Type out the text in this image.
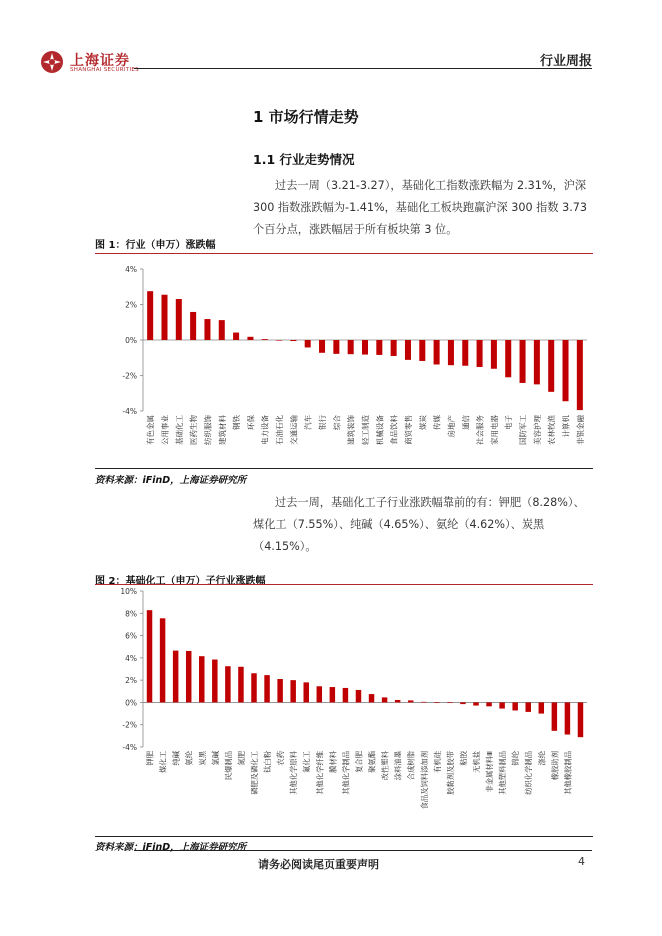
上海证券
SHANGHAI SECURITIES
行业周报
1 市场行情走势
1.1 行业走势情况
过去一周（3.21-3.27），基础化工指数涨跌幅为 2.31%，沪深 300 指数涨跌幅为-1.41%，基础化工板块跑赢沪深 300 指数 3.73 个百分点，涨跌幅居于所有板块第 3 位。
图 1：行业（申万）涨跌幅
4%
2%
0%
-2%
-4%
有色金属 公用事业 基础化工 医药生物 纺织服饰 建筑材料 钢铁 环保 电力设备 石油石化 交通运输 汽车 银行 综合 建筑装饰 轻工制造 机械设备 食品饮料 商贸零售 煤炭 传媒 房地产 通信 社会服务 家用电器 电子 国防军工 美容护理 农林牧渔 计算机 非银金融
资料来源：iFinD，上海证券研究所
过去一周，基础化工子行业涨跌幅靠前的有：钾肥（8.28%）、煤化工（7.55%）、纯碱（4.65%）、氨纶（4.62%）、炭黑（4.15%）。
图 2：基础化工（申万）子行业涨跌幅
10%
8%
6%
4%
2%
0%
-2%
-4%
钾肥 煤化工 纯碱 氨纶 炭黑 氯碱 民爆制品 氮肥 磷肥及磷化工 钛白粉 农药 其他化学原料 氟化工 其他化学纤维 膜材料 其他化学制品 复合肥 聚氨酯 改性塑料 涂料油墨 合成树脂 食品及饲料添加剂 有机硅 胶黏剂及胶带 粘胶 无机盐 非金属材料Ⅲ 其他塑料制品 锦纶 纺织化学制品 涤纶 橡胶助剂 其他橡胶制品
资料来源：iFinD，上海证券研究所
请务必阅读尾页重要声明	4
